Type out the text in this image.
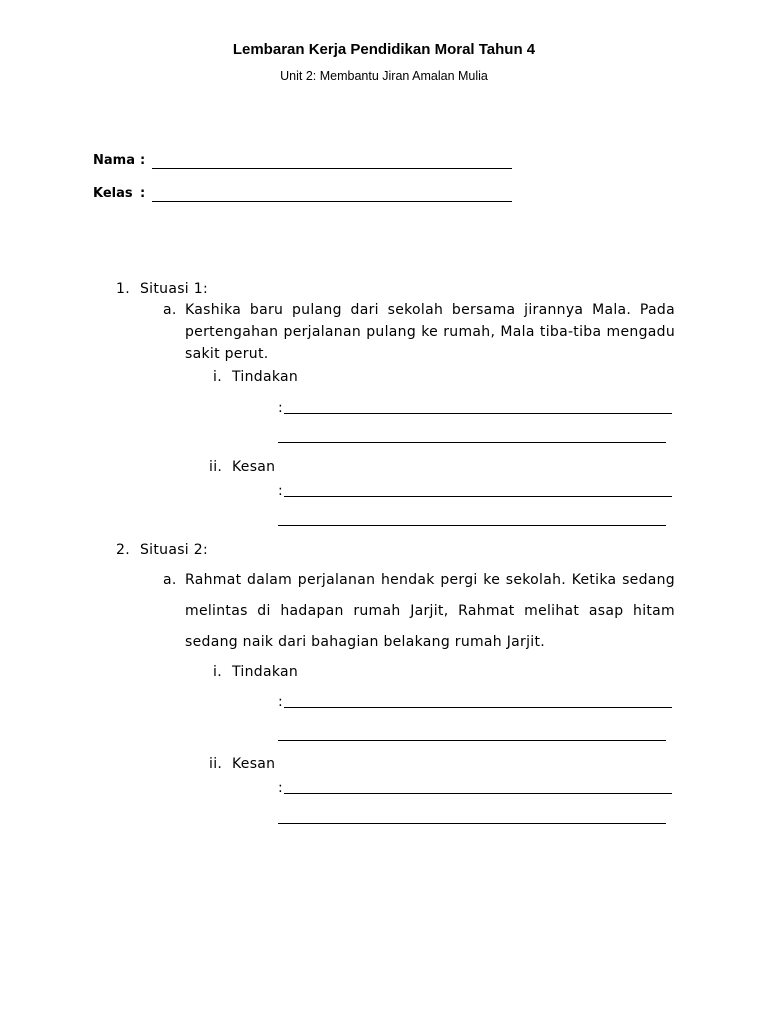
Lembaran Kerja Pendidikan Moral Tahun 4
Unit 2: Membantu Jiran Amalan Mulia
Nama :
Kelas :
1. Situasi 1:
a. Kashika baru pulang dari sekolah bersama jirannya Mala. Pada
pertengahan perjalanan pulang ke rumah, Mala tiba-tiba mengadu
sakit perut.
i. Tindakan
:
ii. Kesan
:
2. Situasi 2:
a. Rahmat dalam perjalanan hendak pergi ke sekolah. Ketika sedang
melintas di hadapan rumah Jarjit, Rahmat melihat asap hitam
sedang naik dari bahagian belakang rumah Jarjit.
i. Tindakan
:
ii. Kesan
:
